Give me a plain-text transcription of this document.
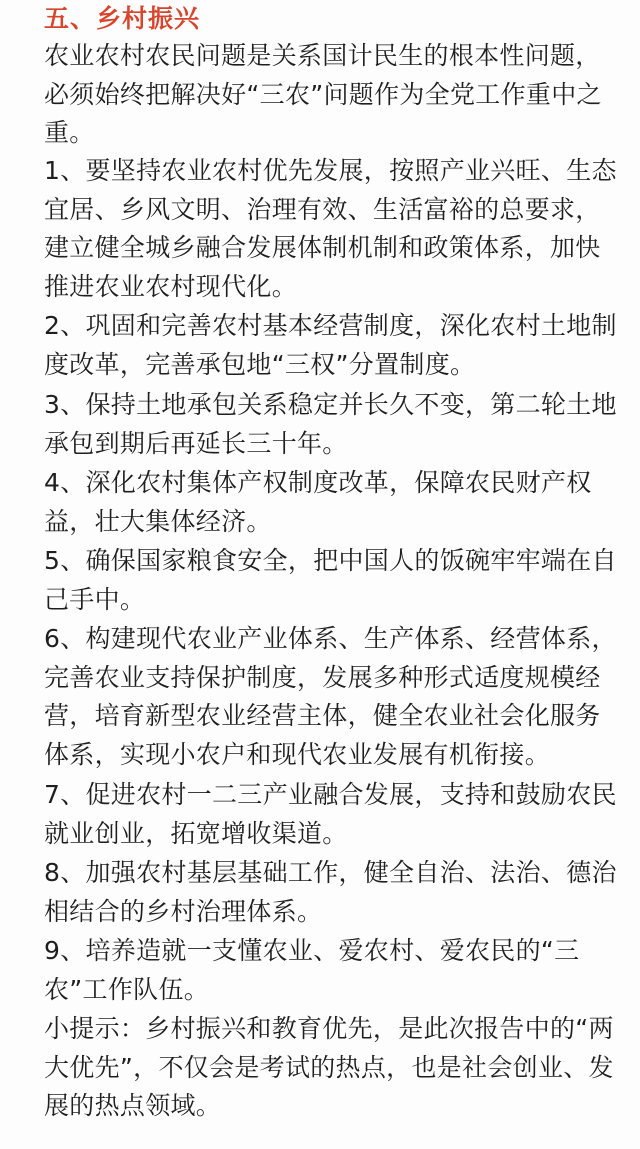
五、乡村振兴
农业农村农民问题是关系国计民生的根本性问题，必须始终把解决好“三农”问题作为全党工作重中之重。
1、要坚持农业农村优先发展，按照产业兴旺、生态宜居、乡风文明、治理有效、生活富裕的总要求，建立健全城乡融合发展体制机制和政策体系，加快推进农业农村现代化。
2、巩固和完善农村基本经营制度，深化农村土地制度改革，完善承包地“三权”分置制度。
3、保持土地承包关系稳定并长久不变，第二轮土地承包到期后再延长三十年。
4、深化农村集体产权制度改革，保障农民财产权益，壮大集体经济。
5、确保国家粮食安全，把中国人的饭碗牢牢端在自己手中。
6、构建现代农业产业体系、生产体系、经营体系，完善农业支持保护制度，发展多种形式适度规模经营，培育新型农业经营主体，健全农业社会化服务体系，实现小农户和现代农业发展有机衔接。
7、促进农村一二三产业融合发展，支持和鼓励农民就业创业，拓宽增收渠道。
8、加强农村基层基础工作，健全自治、法治、德治相结合的乡村治理体系。
9、培养造就一支懂农业、爱农村、爱农民的“三农”工作队伍。
小提示：乡村振兴和教育优先，是此次报告中的“两大优先”，不仅会是考试的热点，也是社会创业、发展的热点领域。
